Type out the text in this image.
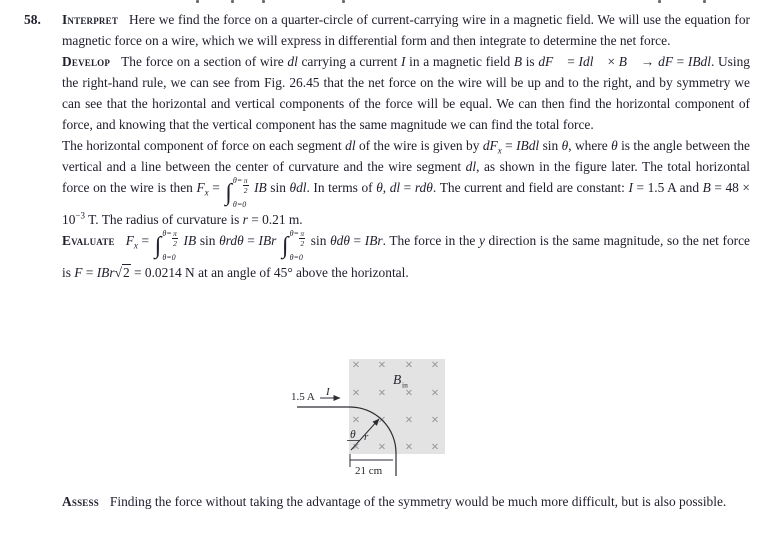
58. Interpret Here we find the force on a quarter-circle of current-carrying wire in a magnetic field. We will use the equation for magnetic force on a wire, which we will express in differential form and then integrate to determine the net force.

Develop The force on a section of wire dl carrying a current I in a magnetic field B is dF⃗ = Idl⃗ × B⃗ → dF = IBdl. Using the right-hand rule, we can see from Fig. 26.45 that the net force on the wire will be up and to the right, and by symmetry we can see that the horizontal and vertical components of the force will be equal. We can then find the horizontal component of force, and knowing that the vertical component has the same magnitude we can find the total force.

The horizontal component of force on each segment dl of the wire is given by $dF_x$ = IBdl sin θ, where θ is the angle between the vertical and a line between the center of curvature and the wire segment dl, as shown in the figure later. The total horizontal force on the wire is then $F_x$ = ∫ $\theta= \frac{\pi}{2}$
θ=0
IB sin θdl. In terms of θ, dl = rdθ. The current and field are constant: I = 1.5 A and $B = 48 \times 10^{-3}$ T. The radius of curvature is r = 0.21 m.

Evaluate $F_x$ = ∫ $\theta= \frac{\pi}{2}$
θ=0
IB sin θrdθ = IBr ∫ $\theta= \frac{\pi}{2}$
θ=0
sin θdθ = IBr. The force in the y direction is the same magnitude, so the net force is F = IBr√2 = 0.0214 N at an angle of 45° above the horizontal.

× × × ×
× × × ×
× × × ×
× × × ×
B in
1.5 A I
θ r
21 cm

Assess Finding the force without taking the advantage of the symmetry would be much more difficult, but is also possible.
